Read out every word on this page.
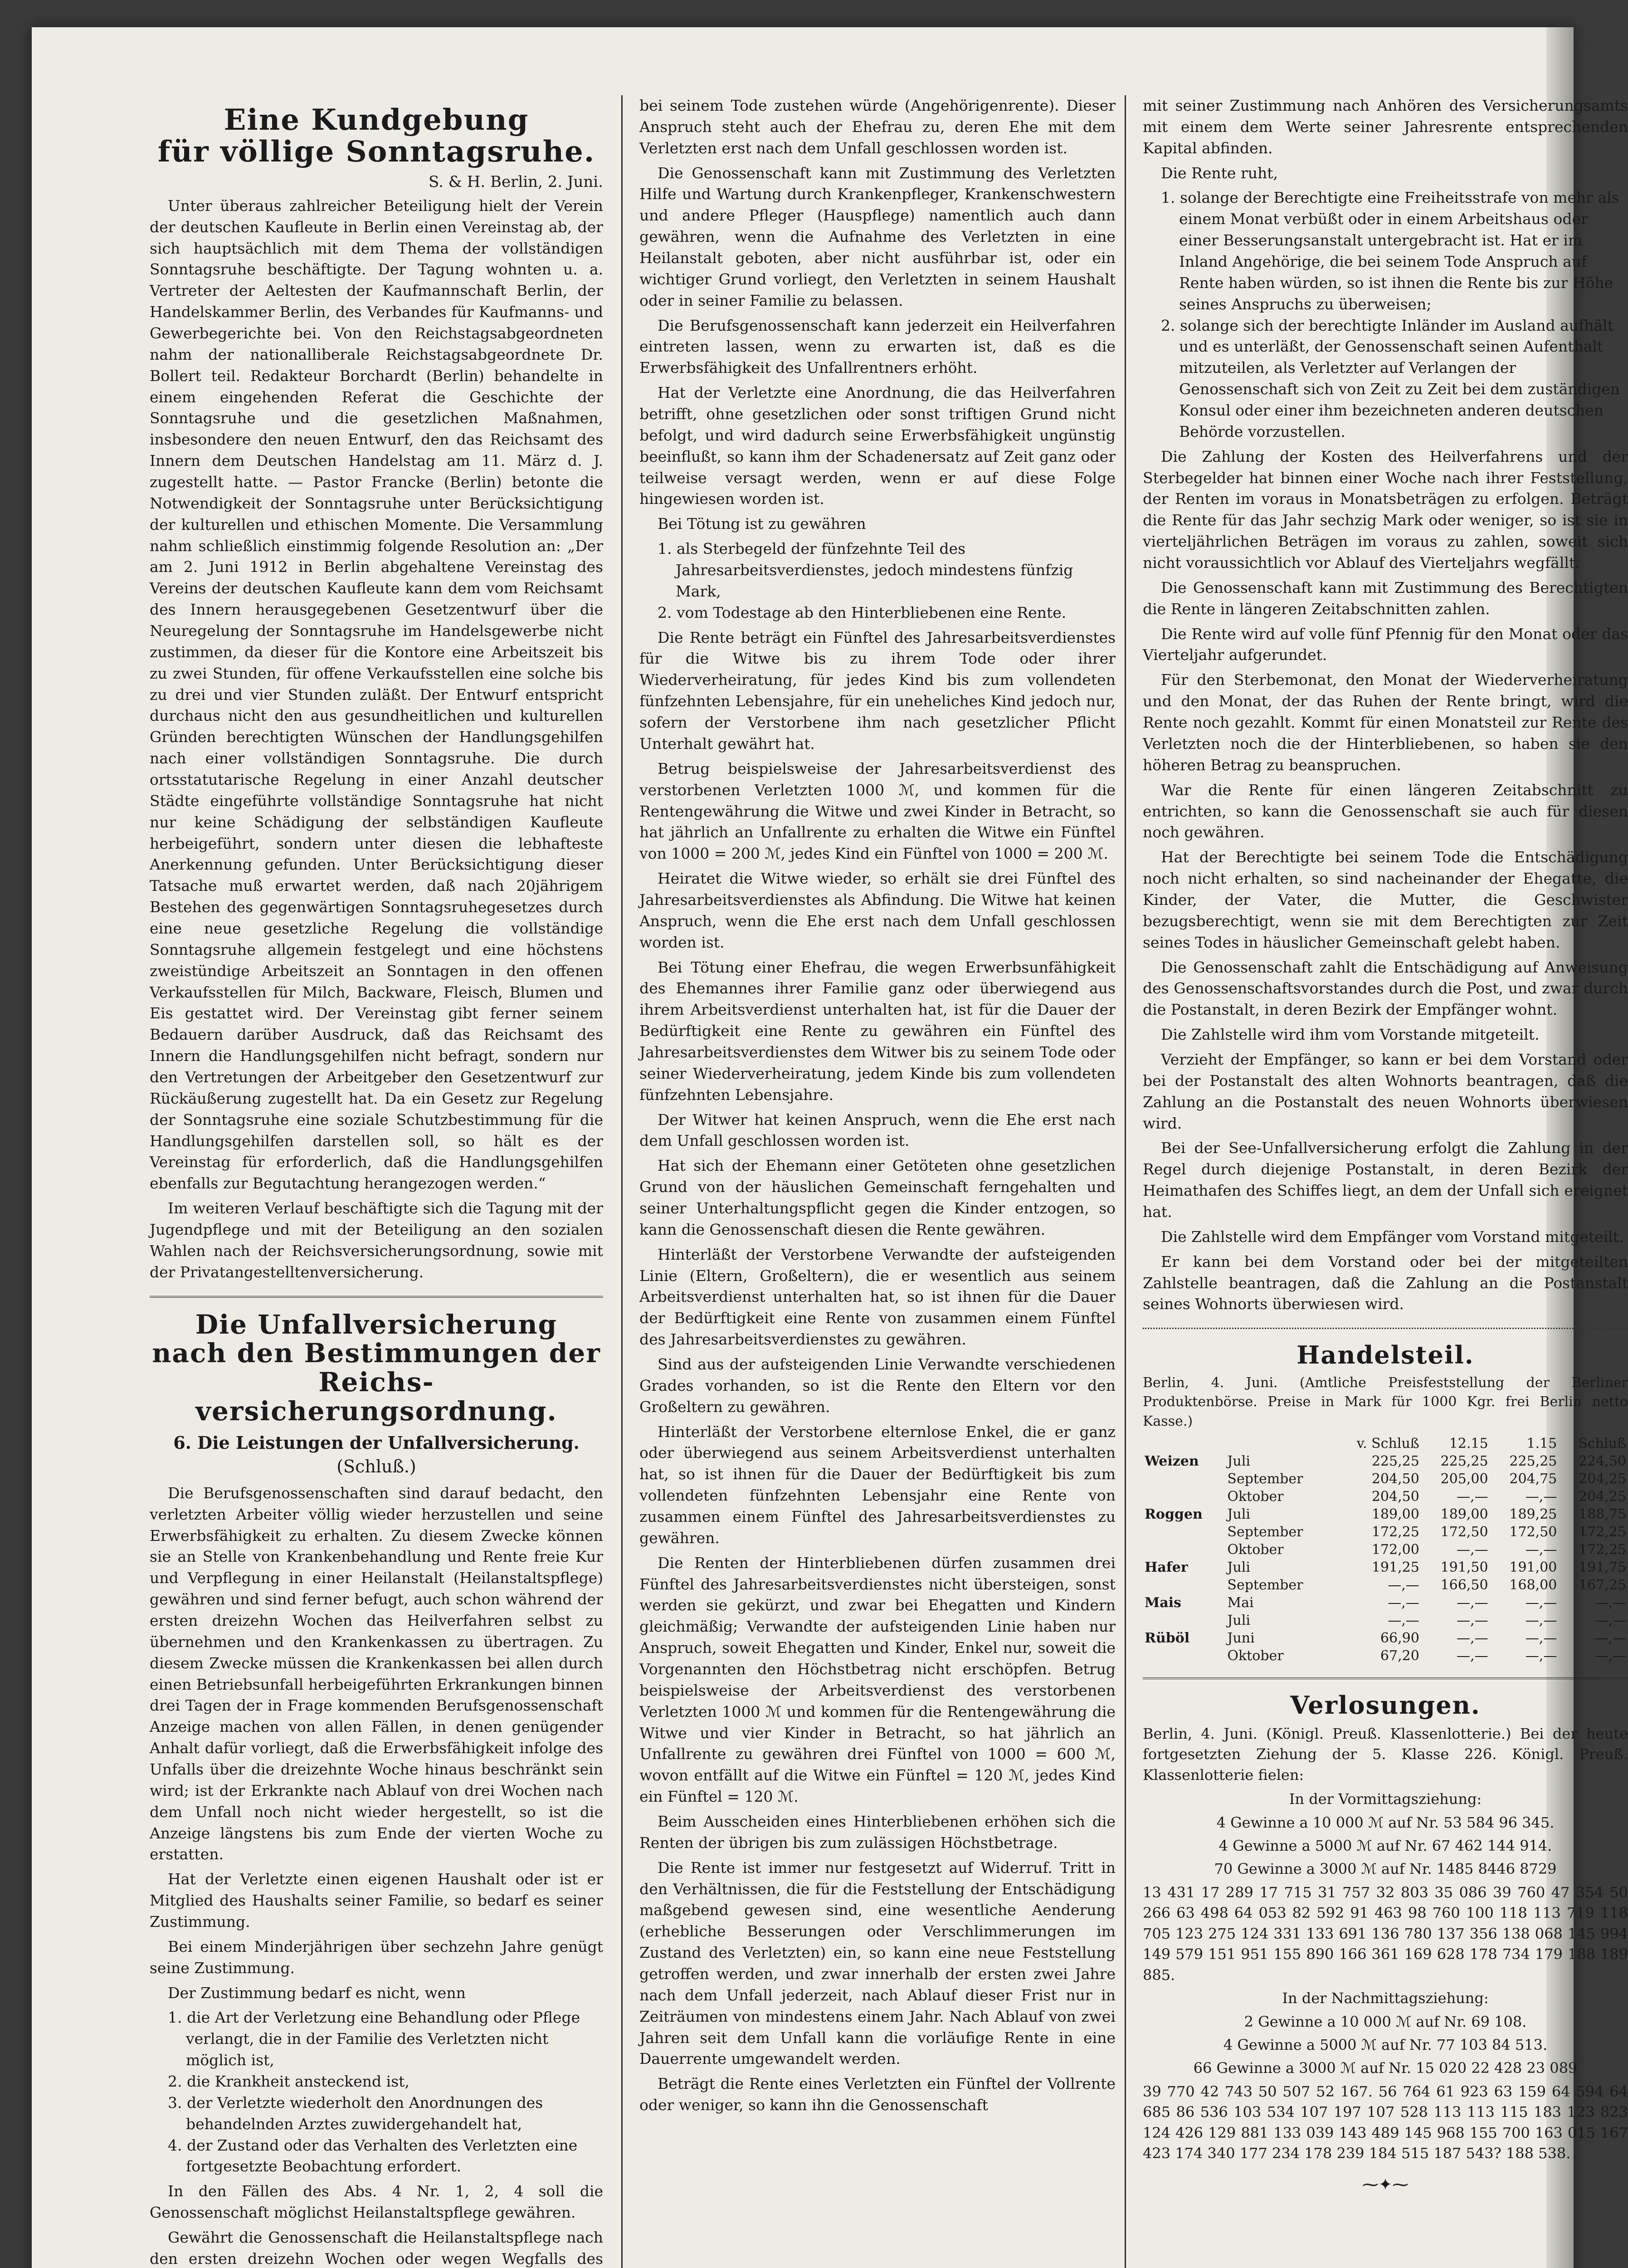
Eine Kundgebung
für völlige Sonntagsruhe.
S. & H. Berlin, 2. Juni.

Unter überaus zahlreicher Beteiligung hielt der Verein der deutschen Kaufleute in Berlin einen Vereinstag ab, der sich hauptsächlich mit dem Thema der vollständigen Sonntagsruhe beschäftigte. Der Tagung wohnten u. a. Vertreter der Aeltesten der Kaufmannschaft Berlin, der Handelskammer Berlin, des Verbandes für Kaufmanns- und Gewerbegerichte bei. Von den Reichstagsabgeordneten nahm der nationalliberale Reichstagsabgeordnete Dr. Bollert teil. Redakteur Borchardt (Berlin) behandelte in einem eingehenden Referat die Geschichte der Sonntagsruhe und die gesetzlichen Maßnahmen, insbesondere den neuen Entwurf, den das Reichsamt des Innern dem Deutschen Handelstag am 11. März d. J. zugestellt hatte. — Pastor Francke (Berlin) betonte die Notwendigkeit der Sonntagsruhe unter Berücksichtigung der kulturellen und ethischen Momente. Die Versammlung nahm schließlich einstimmig folgende Resolution an: „Der am 2. Juni 1912 in Berlin abgehaltene Vereinstag des Vereins der deutschen Kaufleute kann dem vom Reichsamt des Innern herausgegebenen Gesetzentwurf über die Neuregelung der Sonntagsruhe im Handelsgewerbe nicht zustimmen, da dieser für die Kontore eine Arbeitszeit bis zu zwei Stunden, für offene Verkaufsstellen eine solche bis zu drei und vier Stunden zuläßt. Der Entwurf entspricht durchaus nicht den aus gesundheitlichen und kulturellen Gründen berechtigten Wünschen der Handlungsgehilfen nach einer vollständigen Sonntagsruhe. Die durch ortsstatutarische Regelung in einer Anzahl deutscher Städte eingeführte vollständige Sonntagsruhe hat nicht nur keine Schädigung der selbständigen Kaufleute herbeigeführt, sondern unter diesen die lebhafteste Anerkennung gefunden. Unter Berücksichtigung dieser Tatsache muß erwartet werden, daß nach 20jährigem Bestehen des gegenwärtigen Sonntagsruhegesetzes durch eine neue gesetzliche Regelung die vollständige Sonntagsruhe allgemein festgelegt und eine höchstens zweistündige Arbeitszeit an Sonntagen in den offenen Verkaufsstellen für Milch, Backware, Fleisch, Blumen und Eis gestattet wird. Der Vereinstag gibt ferner seinem Bedauern darüber Ausdruck, daß das Reichsamt des Innern die Handlungsgehilfen nicht befragt, sondern nur den Vertretungen der Arbeitgeber den Gesetzentwurf zur Rückäußerung zugestellt hat. Da ein Gesetz zur Regelung der Sonntagsruhe eine soziale Schutzbestimmung für die Handlungsgehilfen darstellen soll, so hält es der Vereinstag für erforderlich, daß die Handlungsgehilfen ebenfalls zur Begutachtung herangezogen werden.“

Im weiteren Verlauf beschäftigte sich die Tagung mit der Jugendpflege und mit der Beteiligung an den sozialen Wahlen nach der Reichsversicherungsordnung, sowie mit der Privatangestelltenversicherung.

Die Unfallversicherung
nach den Bestimmungen der Reichs-
versicherungsordnung.
6. Die Leistungen der Unfallversicherung.
(Schluß.)

Die Berufsgenossenschaften sind darauf bedacht, den verletzten Arbeiter völlig wieder herzustellen und seine Erwerbsfähigkeit zu erhalten. Zu diesem Zwecke können sie an Stelle von Krankenbehandlung und Rente freie Kur und Verpflegung in einer Heilanstalt (Heilanstaltspflege) gewähren und sind ferner befugt, auch schon während der ersten dreizehn Wochen das Heilverfahren selbst zu übernehmen und den Krankenkassen zu übertragen. Zu diesem Zwecke müssen die Krankenkassen bei allen durch einen Betriebsunfall herbeigeführten Erkrankungen binnen drei Tagen der in Frage kommenden Berufsgenossenschaft Anzeige machen von allen Fällen, in denen genügender Anhalt dafür vorliegt, daß die Erwerbsfähigkeit infolge des Unfalls über die dreizehnte Woche hinaus beschränkt sein wird; ist der Erkrankte nach Ablauf von drei Wochen nach dem Unfall noch nicht wieder hergestellt, so ist die Anzeige längstens bis zum Ende der vierten Woche zu erstatten.

Hat der Verletzte einen eigenen Haushalt oder ist er Mitglied des Haushalts seiner Familie, so bedarf es seiner Zustimmung.

Bei einem Minderjährigen über sechzehn Jahre genügt seine Zustimmung.

Der Zustimmung bedarf es nicht, wenn

1. die Art der Verletzung eine Behandlung oder Pflege verlangt, die in der Familie des Verletzten nicht möglich ist,
2. die Krankheit ansteckend ist,
3. der Verletzte wiederholt den Anordnungen des behandelnden Arztes zuwidergehandelt hat,
4. der Zustand oder das Verhalten des Verletzten eine fortgesetzte Beobachtung erfordert.

In den Fällen des Abs. 4 Nr. 1, 2, 4 soll die Genossenschaft möglichst Heilanstaltspflege gewähren.

Gewährt die Genossenschaft die Heilanstaltspflege nach den ersten dreizehn Wochen oder wegen Wegfalls des

bei seinem Tode zustehen würde (Angehörigenrente). Dieser Anspruch steht auch der Ehefrau zu, deren Ehe mit dem Verletzten erst nach dem Unfall geschlossen worden ist.

Die Genossenschaft kann mit Zustimmung des Verletzten Hilfe und Wartung durch Krankenpfleger, Krankenschwestern und andere Pfleger (Hauspflege) namentlich auch dann gewähren, wenn die Aufnahme des Verletzten in eine Heilanstalt geboten, aber nicht ausführbar ist, oder ein wichtiger Grund vorliegt, den Verletzten in seinem Haushalt oder in seiner Familie zu belassen.

Die Berufsgenossenschaft kann jederzeit ein Heilverfahren eintreten lassen, wenn zu erwarten ist, daß es die Erwerbsfähigkeit des Unfallrentners erhöht.

Hat der Verletzte eine Anordnung, die das Heilverfahren betrifft, ohne gesetzlichen oder sonst triftigen Grund nicht befolgt, und wird dadurch seine Erwerbsfähigkeit ungünstig beeinflußt, so kann ihm der Schadenersatz auf Zeit ganz oder teilweise versagt werden, wenn er auf diese Folge hingewiesen worden ist.

Bei Tötung ist zu gewähren

1. als Sterbegeld der fünfzehnte Teil des Jahresarbeitsverdienstes, jedoch mindestens fünfzig Mark,
2. vom Todestage ab den Hinterbliebenen eine Rente.

Die Rente beträgt ein Fünftel des Jahresarbeitsverdienstes für die Witwe bis zu ihrem Tode oder ihrer Wiederverheiratung, für jedes Kind bis zum vollendeten fünfzehnten Lebensjahre, für ein uneheliches Kind jedoch nur, sofern der Verstorbene ihm nach gesetzlicher Pflicht Unterhalt gewährt hat.

Betrug beispielsweise der Jahresarbeitsverdienst des verstorbenen Verletzten 1000 ℳ, und kommen für die Rentengewährung die Witwe und zwei Kinder in Betracht, so hat jährlich an Unfallrente zu erhalten die Witwe ein Fünftel von 1000 = 200 ℳ, jedes Kind ein Fünftel von 1000 = 200 ℳ.

Heiratet die Witwe wieder, so erhält sie drei Fünftel des Jahresarbeitsverdienstes als Abfindung. Die Witwe hat keinen Anspruch, wenn die Ehe erst nach dem Unfall geschlossen worden ist.

Bei Tötung einer Ehefrau, die wegen Erwerbsunfähigkeit des Ehemannes ihrer Familie ganz oder überwiegend aus ihrem Arbeitsverdienst unterhalten hat, ist für die Dauer der Bedürftigkeit eine Rente zu gewähren ein Fünftel des Jahresarbeitsverdienstes dem Witwer bis zu seinem Tode oder seiner Wiederverheiratung, jedem Kinde bis zum vollendeten fünfzehnten Lebensjahre.

Der Witwer hat keinen Anspruch, wenn die Ehe erst nach dem Unfall geschlossen worden ist.

Hat sich der Ehemann einer Getöteten ohne gesetzlichen Grund von der häuslichen Gemeinschaft ferngehalten und seiner Unterhaltungspflicht gegen die Kinder entzogen, so kann die Genossenschaft diesen die Rente gewähren.

Hinterläßt der Verstorbene Verwandte der aufsteigenden Linie (Eltern, Großeltern), die er wesentlich aus seinem Arbeitsverdienst unterhalten hat, so ist ihnen für die Dauer der Bedürftigkeit eine Rente von zusammen einem Fünftel des Jahresarbeitsverdienstes zu gewähren.

Sind aus der aufsteigenden Linie Verwandte verschiedenen Grades vorhanden, so ist die Rente den Eltern vor den Großeltern zu gewähren.

Hinterläßt der Verstorbene elternlose Enkel, die er ganz oder überwiegend aus seinem Arbeitsverdienst unterhalten hat, so ist ihnen für die Dauer der Bedürftigkeit bis zum vollendeten fünfzehnten Lebensjahr eine Rente von zusammen einem Fünftel des Jahresarbeitsverdienstes zu gewähren.

Die Renten der Hinterbliebenen dürfen zusammen drei Fünftel des Jahresarbeitsverdienstes nicht übersteigen, sonst werden sie gekürzt, und zwar bei Ehegatten und Kindern gleichmäßig; Verwandte der aufsteigenden Linie haben nur Anspruch, soweit Ehegatten und Kinder, Enkel nur, soweit die Vorgenannten den Höchstbetrag nicht erschöpfen. Betrug beispielsweise der Arbeitsverdienst des verstorbenen Verletzten 1000 ℳ und kommen für die Rentengewährung die Witwe und vier Kinder in Betracht, so hat jährlich an Unfallrente zu gewähren drei Fünftel von 1000 = 600 ℳ, wovon entfällt auf die Witwe ein Fünftel = 120 ℳ, jedes Kind ein Fünftel = 120 ℳ.

Beim Ausscheiden eines Hinterbliebenen erhöhen sich die Renten der übrigen bis zum zulässigen Höchstbetrage.

Die Rente ist immer nur festgesetzt auf Widerruf. Tritt in den Verhältnissen, die für die Feststellung der Entschädigung maßgebend gewesen sind, eine wesentliche Aenderung (erhebliche Besserungen oder Verschlimmerungen im Zustand des Verletzten) ein, so kann eine neue Feststellung getroffen werden, und zwar innerhalb der ersten zwei Jahre nach dem Unfall jederzeit, nach Ablauf dieser Frist nur in Zeiträumen von mindestens einem Jahr. Nach Ablauf von zwei Jahren seit dem Unfall kann die vorläufige Rente in eine Dauerrente umgewandelt werden.

Beträgt die Rente eines Verletzten ein Fünftel der Vollrente oder weniger, so kann ihn die Genossenschaft

mit seiner Zustimmung nach Anhören des Versicherungsamts mit einem dem Werte seiner Jahresrente entsprechenden Kapital abfinden.

Die Rente ruht,

1. solange der Berechtigte eine Freiheitsstrafe von mehr als einem Monat verbüßt oder in einem Arbeitshaus oder einer Besserungsanstalt untergebracht ist. Hat er im Inland Angehörige, die bei seinem Tode Anspruch auf Rente haben würden, so ist ihnen die Rente bis zur Höhe seines Anspruchs zu überweisen;
2. solange sich der berechtigte Inländer im Ausland aufhält und es unterläßt, der Genossenschaft seinen Aufenthalt mitzuteilen, als Verletzter auf Verlangen der Genossenschaft sich von Zeit zu Zeit bei dem zuständigen Konsul oder einer ihm bezeichneten anderen deutschen Behörde vorzustellen.

Die Zahlung der Kosten des Heilverfahrens und der Sterbegelder hat binnen einer Woche nach ihrer Feststellung, der Renten im voraus in Monatsbeträgen zu erfolgen. Beträgt die Rente für das Jahr sechzig Mark oder weniger, so ist sie in vierteljährlichen Beträgen im voraus zu zahlen, soweit sich nicht voraussichtlich vor Ablauf des Vierteljahrs wegfällt.

Die Genossenschaft kann mit Zustimmung des Berechtigten die Rente in längeren Zeitabschnitten zahlen.

Die Rente wird auf volle fünf Pfennig für den Monat oder das Vierteljahr aufgerundet.

Für den Sterbemonat, den Monat der Wiederverheiratung und den Monat, der das Ruhen der Rente bringt, wird die Rente noch gezahlt. Kommt für einen Monatsteil zur Rente des Verletzten noch die der Hinterbliebenen, so haben sie den höheren Betrag zu beanspruchen.

War die Rente für einen längeren Zeitabschnitt zu entrichten, so kann die Genossenschaft sie auch für diesen noch gewähren.

Hat der Berechtigte bei seinem Tode die Entschädigung noch nicht erhalten, so sind nacheinander der Ehegatte, die Kinder, der Vater, die Mutter, die Geschwister bezugsberechtigt, wenn sie mit dem Berechtigten zur Zeit seines Todes in häuslicher Gemeinschaft gelebt haben.

Die Genossenschaft zahlt die Entschädigung auf Anweisung des Genossenschaftsvorstandes durch die Post, und zwar durch die Postanstalt, in deren Bezirk der Empfänger wohnt.

Die Zahlstelle wird ihm vom Vorstande mitgeteilt.

Verzieht der Empfänger, so kann er bei dem Vorstand oder bei der Postanstalt des alten Wohnorts beantragen, daß die Zahlung an die Postanstalt des neuen Wohnorts überwiesen wird.

Bei der See-Unfallversicherung erfolgt die Zahlung in der Regel durch diejenige Postanstalt, in deren Bezirk der Heimathafen des Schiffes liegt, an dem der Unfall sich ereignet hat.

Die Zahlstelle wird dem Empfänger vom Vorstand mitgeteilt.

Er kann bei dem Vorstand oder bei der mitgeteilten Zahlstelle beantragen, daß die Zahlung an die Postanstalt seines Wohnorts überwiesen wird.

Handelsteil.

Berlin, 4. Juni. (Amtliche Preisfeststellung der Berliner Produktenbörse. Preise in Mark für 1000 Kgr. frei Berlin netto Kasse.)

		v. Schluß	12.15	1.15	Schluß
Weizen	Juli	225,25	225,25	225,25	224,50
	September	204,50	205,00	204,75	204,25
	Oktober	204,50	—,—	—,—	204,25
Roggen	Juli	189,00	189,00	189,25	188,75
	September	172,25	172,50	172,50	172,25
	Oktober	172,00	—,—	—,—	172,25
Hafer	Juli	191,25	191,50	191,00	191,75
	September	—,—	166,50	168,00	167,25
Mais	Mai	—,—	—,—	—,—	—,—
	Juli	—,—	—,—	—,—	—,—
Rüböl	Juni	66,90	—,—	—,—	—,—
	Oktober	67,20	—,—	—,—	—,—
Verlosungen.

Berlin, 4. Juni. (Königl. Preuß. Klassenlotterie.) Bei der heute fortgesetzten Ziehung der 5. Klasse 226. Königl. Preuß. Klassenlotterie fielen:

In der Vormittagsziehung:
4 Gewinne a 10 000 ℳ auf Nr. 53 584 96 345.
4 Gewinne a 5000 ℳ auf Nr. 67 462 144 914.
70 Gewinne a 3000 ℳ auf Nr. 1485 8446 8729
13 431 17 289 17 715 31 757 32 803 35 086 39 760 47 354 50 266 63 498 64 053 82 592 91 463 98 760 100 118 113 719 118 705 123 275 124 331 133 691 136 780 137 356 138 068 145 994 149 579 151 951 155 890 166 361 169 628 178 734 179 188 189 885.
In der Nachmittagsziehung:
2 Gewinne a 10 000 ℳ auf Nr. 69 108.
4 Gewinne a 5000 ℳ auf Nr. 77 103 84 513.
66 Gewinne a 3000 ℳ auf Nr. 15 020 22 428 23 089
39 770 42 743 50 507 52 167. 56 764 61 923 63 159 64 594 64 685 86 536 103 534 107 197 107 528 113 113 115 183 123 823 124 426 129 881 133 039 143 489 145 968 155 700 163 015 167 423 174 340 177 234 178 239 184 515 187 543? 188 538.
⁓✦⁓
